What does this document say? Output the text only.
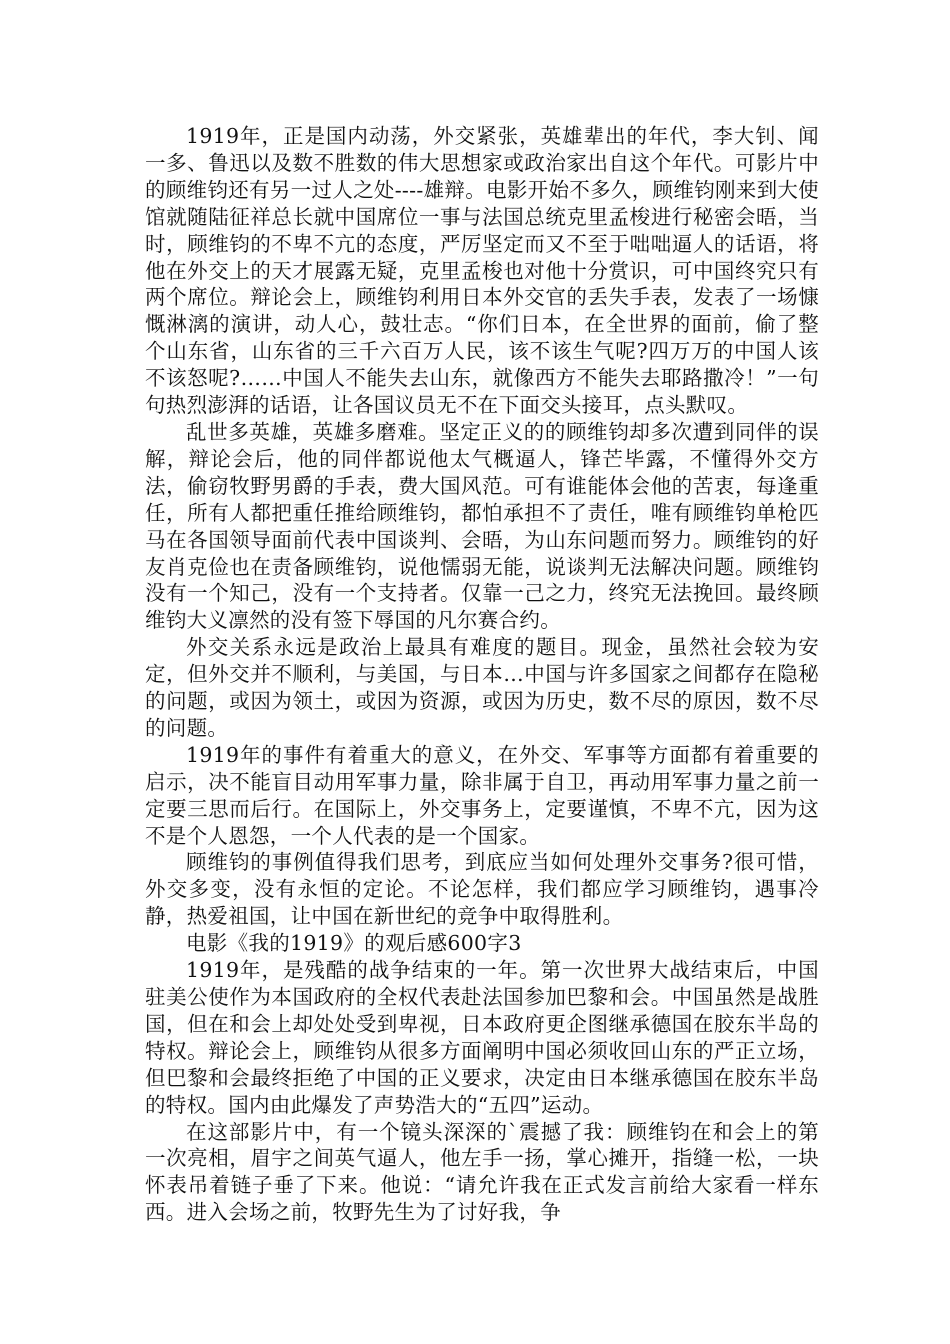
1919年，正是国内动荡，外交紧张，英雄辈出的年代，李大钊、闻一多、鲁迅以及数不胜数的伟大思想家或政治家出自这个年代。可影片中的顾维钧还有另一过人之处----雄辩。电影开始不多久，顾维钧刚来到大使馆就随陆征祥总长就中国席位一事与法国总统克里孟梭进行秘密会晤，当时，顾维钧的不卑不亢的态度，严厉坚定而又不至于咄咄逼人的话语，将他在外交上的天才展露无疑，克里孟梭也对他十分赏识，可中国终究只有两个席位。辩论会上，顾维钧利用日本外交官的丢失手表，发表了一场慷慨淋漓的演讲，动人心，鼓壮志。“你们日本，在全世界的面前，偷了整个山东省，山东省的三千六百万人民，该不该生气呢?四万万的中国人该不该怒呢?……中国人不能失去山东，就像西方不能失去耶路撒冷！”一句句热烈澎湃的话语，让各国议员无不在下面交头接耳，点头默叹。

乱世多英雄，英雄多磨难。坚定正义的的顾维钧却多次遭到同伴的误解，辩论会后，他的同伴都说他太气概逼人，锋芒毕露，不懂得外交方法，偷窃牧野男爵的手表，费大国风范。可有谁能体会他的苦衷，每逢重任，所有人都把重任推给顾维钧，都怕承担不了责任，唯有顾维钧单枪匹马在各国领导面前代表中国谈判、会晤，为山东问题而努力。顾维钧的好友肖克俭也在责备顾维钧，说他懦弱无能，说谈判无法解决问题。顾维钧没有一个知己，没有一个支持者。仅靠一己之力，终究无法挽回。最终顾维钧大义凛然的没有签下辱国的凡尔赛合约。

外交关系永远是政治上最具有难度的题目。现金，虽然社会较为安定，但外交并不顺利，与美国，与日本…中国与许多国家之间都存在隐秘的问题，或因为领土，或因为资源，或因为历史，数不尽的原因，数不尽的问题。

1919年的事件有着重大的意义，在外交、军事等方面都有着重要的启示，决不能盲目动用军事力量，除非属于自卫，再动用军事力量之前一定要三思而后行。在国际上，外交事务上，定要谨慎，不卑不亢，因为这不是个人恩怨，一个人代表的是一个国家。

顾维钧的事例值得我们思考，到底应当如何处理外交事务?很可惜，外交多变，没有永恒的定论。不论怎样，我们都应学习顾维钧，遇事冷静，热爱祖国，让中国在新世纪的竞争中取得胜利。

电影《我的1919》的观后感600字3

1919年，是残酷的战争结束的一年。第一次世界大战结束后，中国驻美公使作为本国政府的全权代表赴法国参加巴黎和会。中国虽然是战胜国，但在和会上却处处受到卑视，日本政府更企图继承德国在胶东半岛的特权。辩论会上，顾维钧从很多方面阐明中国必须收回山东的严正立场，但巴黎和会最终拒绝了中国的正义要求，决定由日本继承德国在胶东半岛的特权。国内由此爆发了声势浩大的“五四”运动。

在这部影片中，有一个镜头深深的`震撼了我：顾维钧在和会上的第一次亮相，眉宇之间英气逼人，他左手一扬，掌心摊开，指缝一松，一块怀表吊着链子垂了下来。他说：“请允许我在正式发言前给大家看一样东西。进入会场之前，牧野先生为了讨好我，争
